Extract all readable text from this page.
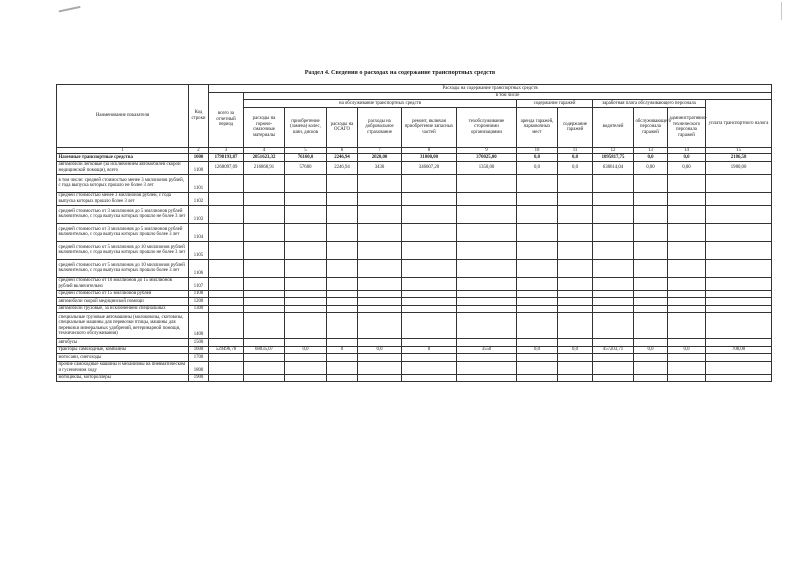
Раздел 4. Сведения о расходах на содержание транспортных средств
Наименование показателя	Код строки	Расходы на содержание транспортных средств												
		всего за отчетный период	в том числе											
			на обслуживание транспортных средств						содержание гаражей		заработная плата обслуживающего персонала			уплата транспортного налога
			расходы на горюче-смазочные материалы	приобретение (замена) колес, шин, дисков	расходы на ОСАГО	расходы на добровольное страхование	ремонт, включая приобретение запасных частей	техобслуживание сторонними организациями	аренда гаражей, парковочных мест	содержание гаражей	водителей	обслуживающего персонала гаражей	административно-технического персонала гаражей	
1	2	3	4	5	6	7	8	9	10	11	12	13	14	15
Наземные транспортные средства	1000	1798193,87	2051623,32	76160,0	2246,94	2020,00	31000,00	370025,00	0,0	0,0	1095817,75	0,0	0,0	2186,58
автомобили легковые (за исключением автомобилей скорой медицинской помощи), всего	1100	1268097,09	216868,91	57600	2246,94	3430	346607,20	1350,00	0,0	0,0	638614,04	0,00	0,00	1980,00
в том числе: средней стоимостью менее 3 миллионов рублей, с года выпуска которых прошло не более 3 лет	1101													
средней стоимостью менее 3 миллионов рублей, с года выпуска которых прошло более 3 лет	1102													
средней стоимостью от 3 миллионов до 5 миллионов рублей включительно, с года выпуска которых прошло не более 3 лет	1103													
средней стоимостью от 3 миллионов до 5 миллионов рублей включительно, с года выпуска которых прошло более 3 лет	1104													
средней стоимостью от 5 миллионов до 10 миллионов рублей включительно, с года выпуска которых прошло не более 3 лет	1105													
средней стоимостью от 5 миллионов до 10 миллионов рублей включительно, с года выпуска которых прошло более 3 лет	1106													
средней стоимостью от 10 миллионов до 15 миллионов рублей включительно	1107													
средней стоимостью от 15 миллионов рублей	1108													
автомобили скорой медицинской помощи	1200													
автомобили грузовые, за исключением специальных	1300													
специальные грузовые автомашины (молоковозы, скотовозы, специальные машины для перевозки птицы, машины для перевозки минеральных удобрений, ветеринарной помощи, технического обслуживания)	1400													
автобусы	1500													
тракторы самоходные, комбайны	1600	529496,78	68035,07	0,0	0	0,0	0	3550	0,0	0,0	457203,71	0,0	0,0	708,00
мотосани, снегоходы	1700													
прочие самоходные машины и механизмы на пневматическом и гусеничном ходу	1800													
мотоциклы, мотороллеры	1900													
